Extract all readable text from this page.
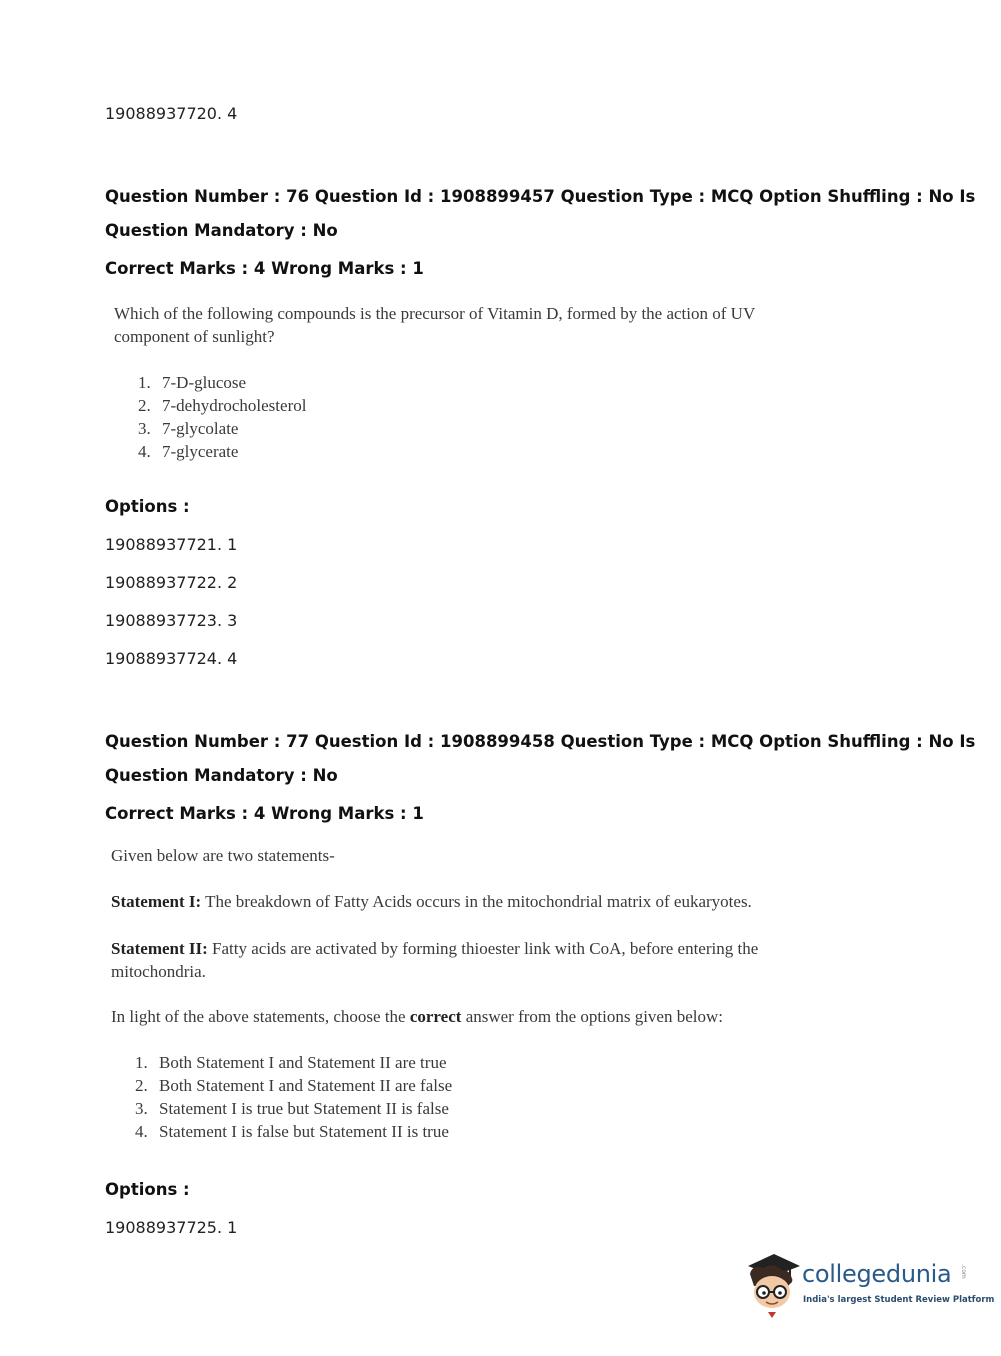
19088937720. 4
Question Number : 76 Question Id : 1908899457 Question Type : MCQ Option Shuffling : No Is
Question Mandatory : No
Correct Marks : 4 Wrong Marks : 1
Which of the following compounds is the precursor of Vitamin D, formed by the action of UV
component of sunlight?
1. 7-D-glucose
2. 7-dehydrocholesterol
3. 7-glycolate
4. 7-glycerate
Options :
19088937721. 1
19088937722. 2
19088937723. 3
19088937724. 4
Question Number : 77 Question Id : 1908899458 Question Type : MCQ Option Shuffling : No Is
Question Mandatory : No
Correct Marks : 4 Wrong Marks : 1
Given below are two statements-
Statement I: The breakdown of Fatty Acids occurs in the mitochondrial matrix of eukaryotes.
Statement II: Fatty acids are activated by forming thioester link with CoA, before entering the
mitochondria.
In light of the above statements, choose the correct answer from the options given below:
1. Both Statement I and Statement II are true
2. Both Statement I and Statement II are false
3. Statement I is true but Statement II is false
4. Statement I is false but Statement II is true
Options :
19088937725. 1
collegedunia .com
India's largest Student Review Platform
